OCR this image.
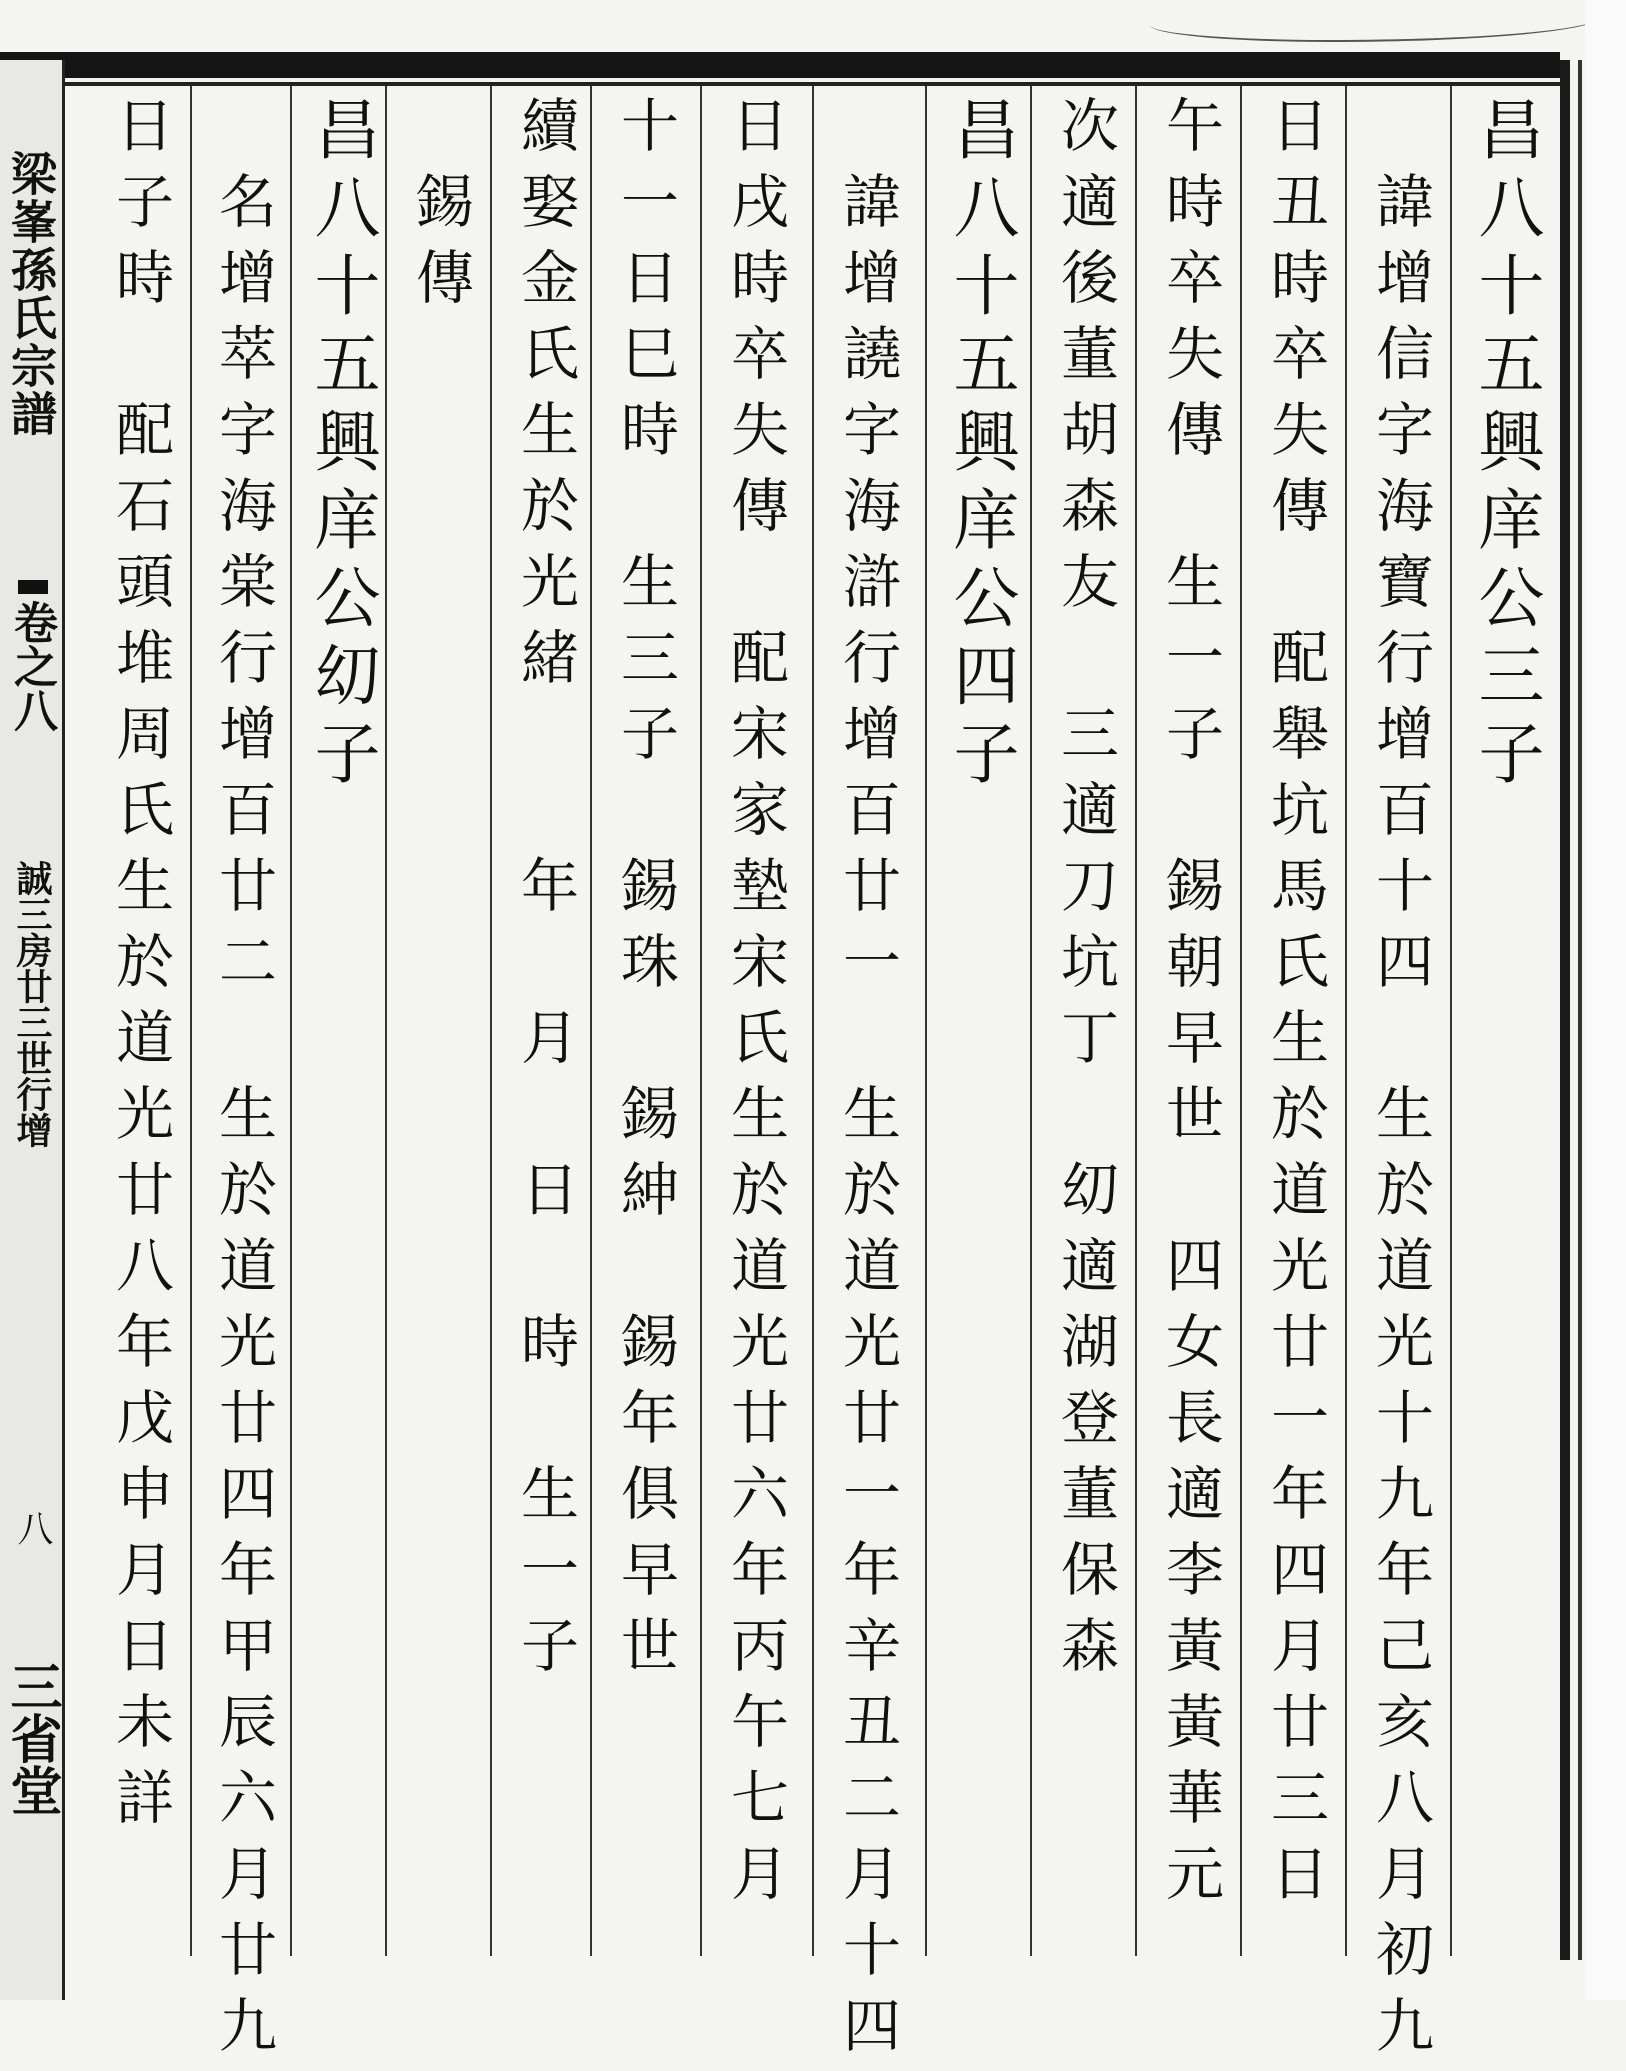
梁峯孫氏宗譜
卷之八
誠三房廿三世行增
八
三省堂
昌八十五興庠公三子
　諱增信字海寶行增百十四　生於道光十九年己亥八月初九
日丑時卒失傳　配舉坑馬氏生於道光廿一年四月廿三日
午時卒失傳　生一子　錫朝早世　四女長適李黃黃華元
次適後董胡森友　三適刀坑丁　㓜適湖登董保森
昌八十五興庠公四子
　諱增譊字海滸行增百廿一　生於道光廿一年辛丑二月十四
日戌時卒失傳　配宋家墊宋氏生於道光廿六年丙午七月
十一日巳時　生三子　錫珠　錫紳　錫年俱早世
續娶金氏生於光緒　　年　月　日　時　生一子
　錫傳
昌八十五興庠公㓜子
　名增萃字海棠行增百廿二　生於道光廿四年甲辰六月廿九
日子時　配石頭堆周氏生於道光廿八年戊申月日未詳
